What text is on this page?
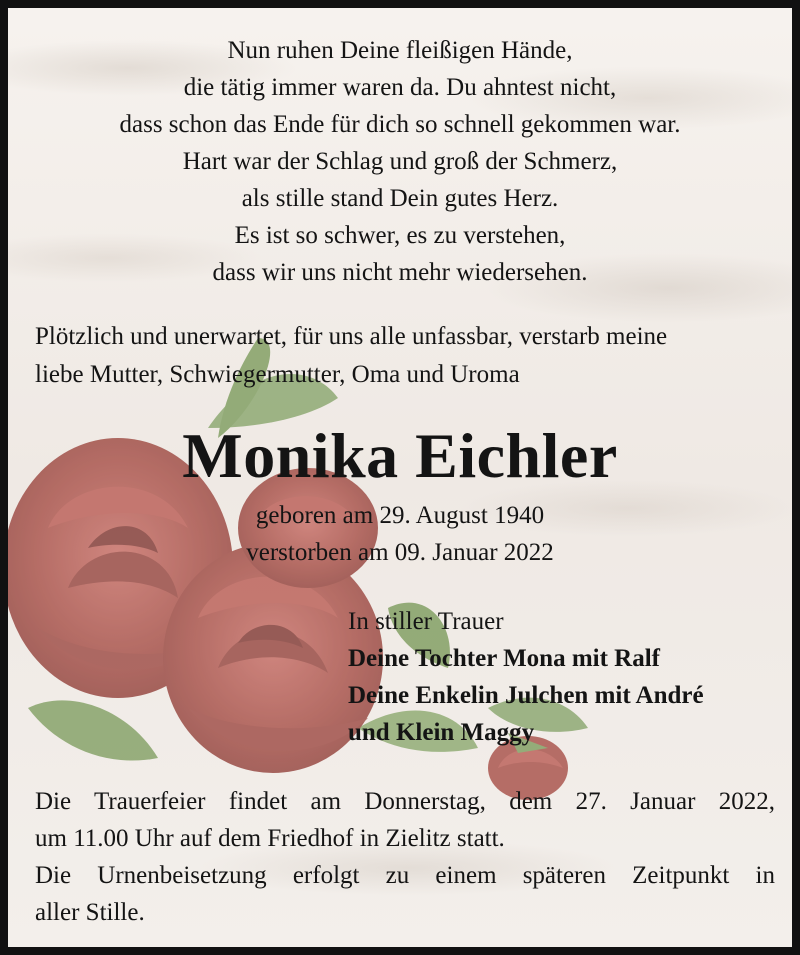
Nun ruhen Deine fleißigen Hände,
die tätig immer waren da. Du ahntest nicht,
dass schon das Ende für dich so schnell gekommen war.
Hart war der Schlag und groß der Schmerz,
als stille stand Dein gutes Herz.
Es ist so schwer, es zu verstehen,
dass wir uns nicht mehr wiedersehen.
Plötzlich und unerwartet, für uns alle unfassbar, verstarb meine
liebe Mutter, Schwiegermutter, Oma und Uroma
Monika Eichler
geboren am 29. August 1940
verstorben am 09. Januar 2022
In stiller Trauer
Deine Tochter Mona mit Ralf
Deine Enkelin Julchen mit André
und Klein Maggy
Die Trauerfeier findet am Donnerstag, dem 27. Januar 2022,
um 11.00 Uhr auf dem Friedhof in Zielitz statt.
Die Urnenbeisetzung erfolgt zu einem späteren Zeitpunkt in
aller Stille.
